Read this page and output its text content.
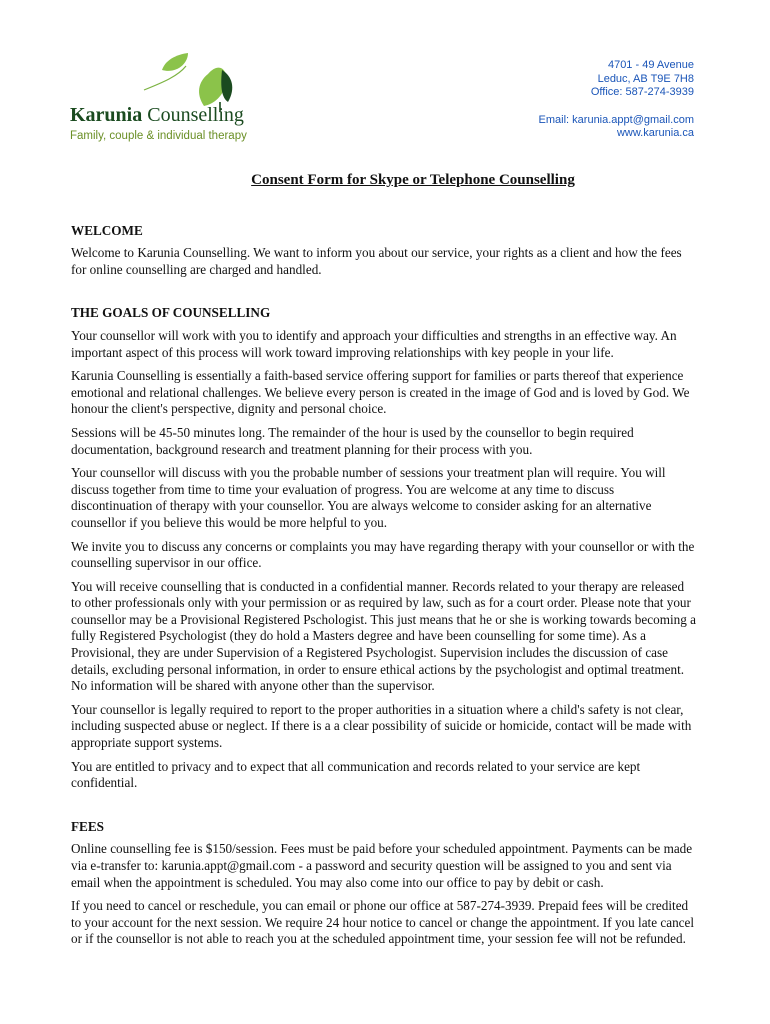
Karunia Counselling
Family, couple & individual therapy
4701 - 49 Avenue
Leduc, AB T9E 7H8
Office: 587-274-3939
Email: karunia.appt@gmail.com
www.karunia.ca
Consent Form for Skype or Telephone Counselling
WELCOME

Welcome to Karunia Counselling. We want to inform you about our service, your rights as a client and how the fees for online counselling are charged and handled.

THE GOALS OF COUNSELLING

Your counsellor will work with you to identify and approach your difficulties and strengths in an effective way. An important aspect of this process will work toward improving relationships with key people in your life.

Karunia Counselling is essentially a faith-based service offering support for families or parts thereof that experience emotional and relational challenges. We believe every person is created in the image of God and is loved by God. We honour the client's perspective, dignity and personal choice.

Sessions will be 45-50 minutes long. The remainder of the hour is used by the counsellor to begin required documentation, background research and treatment planning for their process with you.

Your counsellor will discuss with you the probable number of sessions your treatment plan will require. You will discuss together from time to time your evaluation of progress. You are welcome at any time to discuss discontinuation of therapy with your counsellor. You are always welcome to consider asking for an alternative counsellor if you believe this would be more helpful to you.

We invite you to discuss any concerns or complaints you may have regarding therapy with your counsellor or with the counselling supervisor in our office.

You will receive counselling that is conducted in a confidential manner. Records related to your therapy are released to other professionals only with your permission or as required by law, such as for a court order. Please note that your counsellor may be a Provisional Registered Pschologist. This just means that he or she is working towards becoming a fully Registered Psychologist (they do hold a Masters degree and have been counselling for some time). As a Provisional, they are under Supervision of a Registered Psychologist. Supervision includes the discussion of case details, excluding personal information, in order to ensure ethical actions by the psychologist and optimal treatment. No information will be shared with anyone other than the supervisor.

Your counsellor is legally required to report to the proper authorities in a situation where a child's safety is not clear, including suspected abuse or neglect. If there is a a clear possibility of suicide or homicide, contact will be made with appropriate support systems.

You are entitled to privacy and to expect that all communication and records related to your service are kept confidential.

FEES

Online counselling fee is $150/session. Fees must be paid before your scheduled appointment. Payments can be made via e-transfer to: karunia.appt@gmail.com - a password and security question will be assigned to you and sent via email when the appointment is scheduled. You may also come into our office to pay by debit or cash.

If you need to cancel or reschedule, you can email or phone our office at 587-274-3939. Prepaid fees will be credited to your account for the next session. We require 24 hour notice to cancel or change the appointment. If you late cancel or if the counsellor is not able to reach you at the scheduled appointment time, your session fee will not be refunded.
